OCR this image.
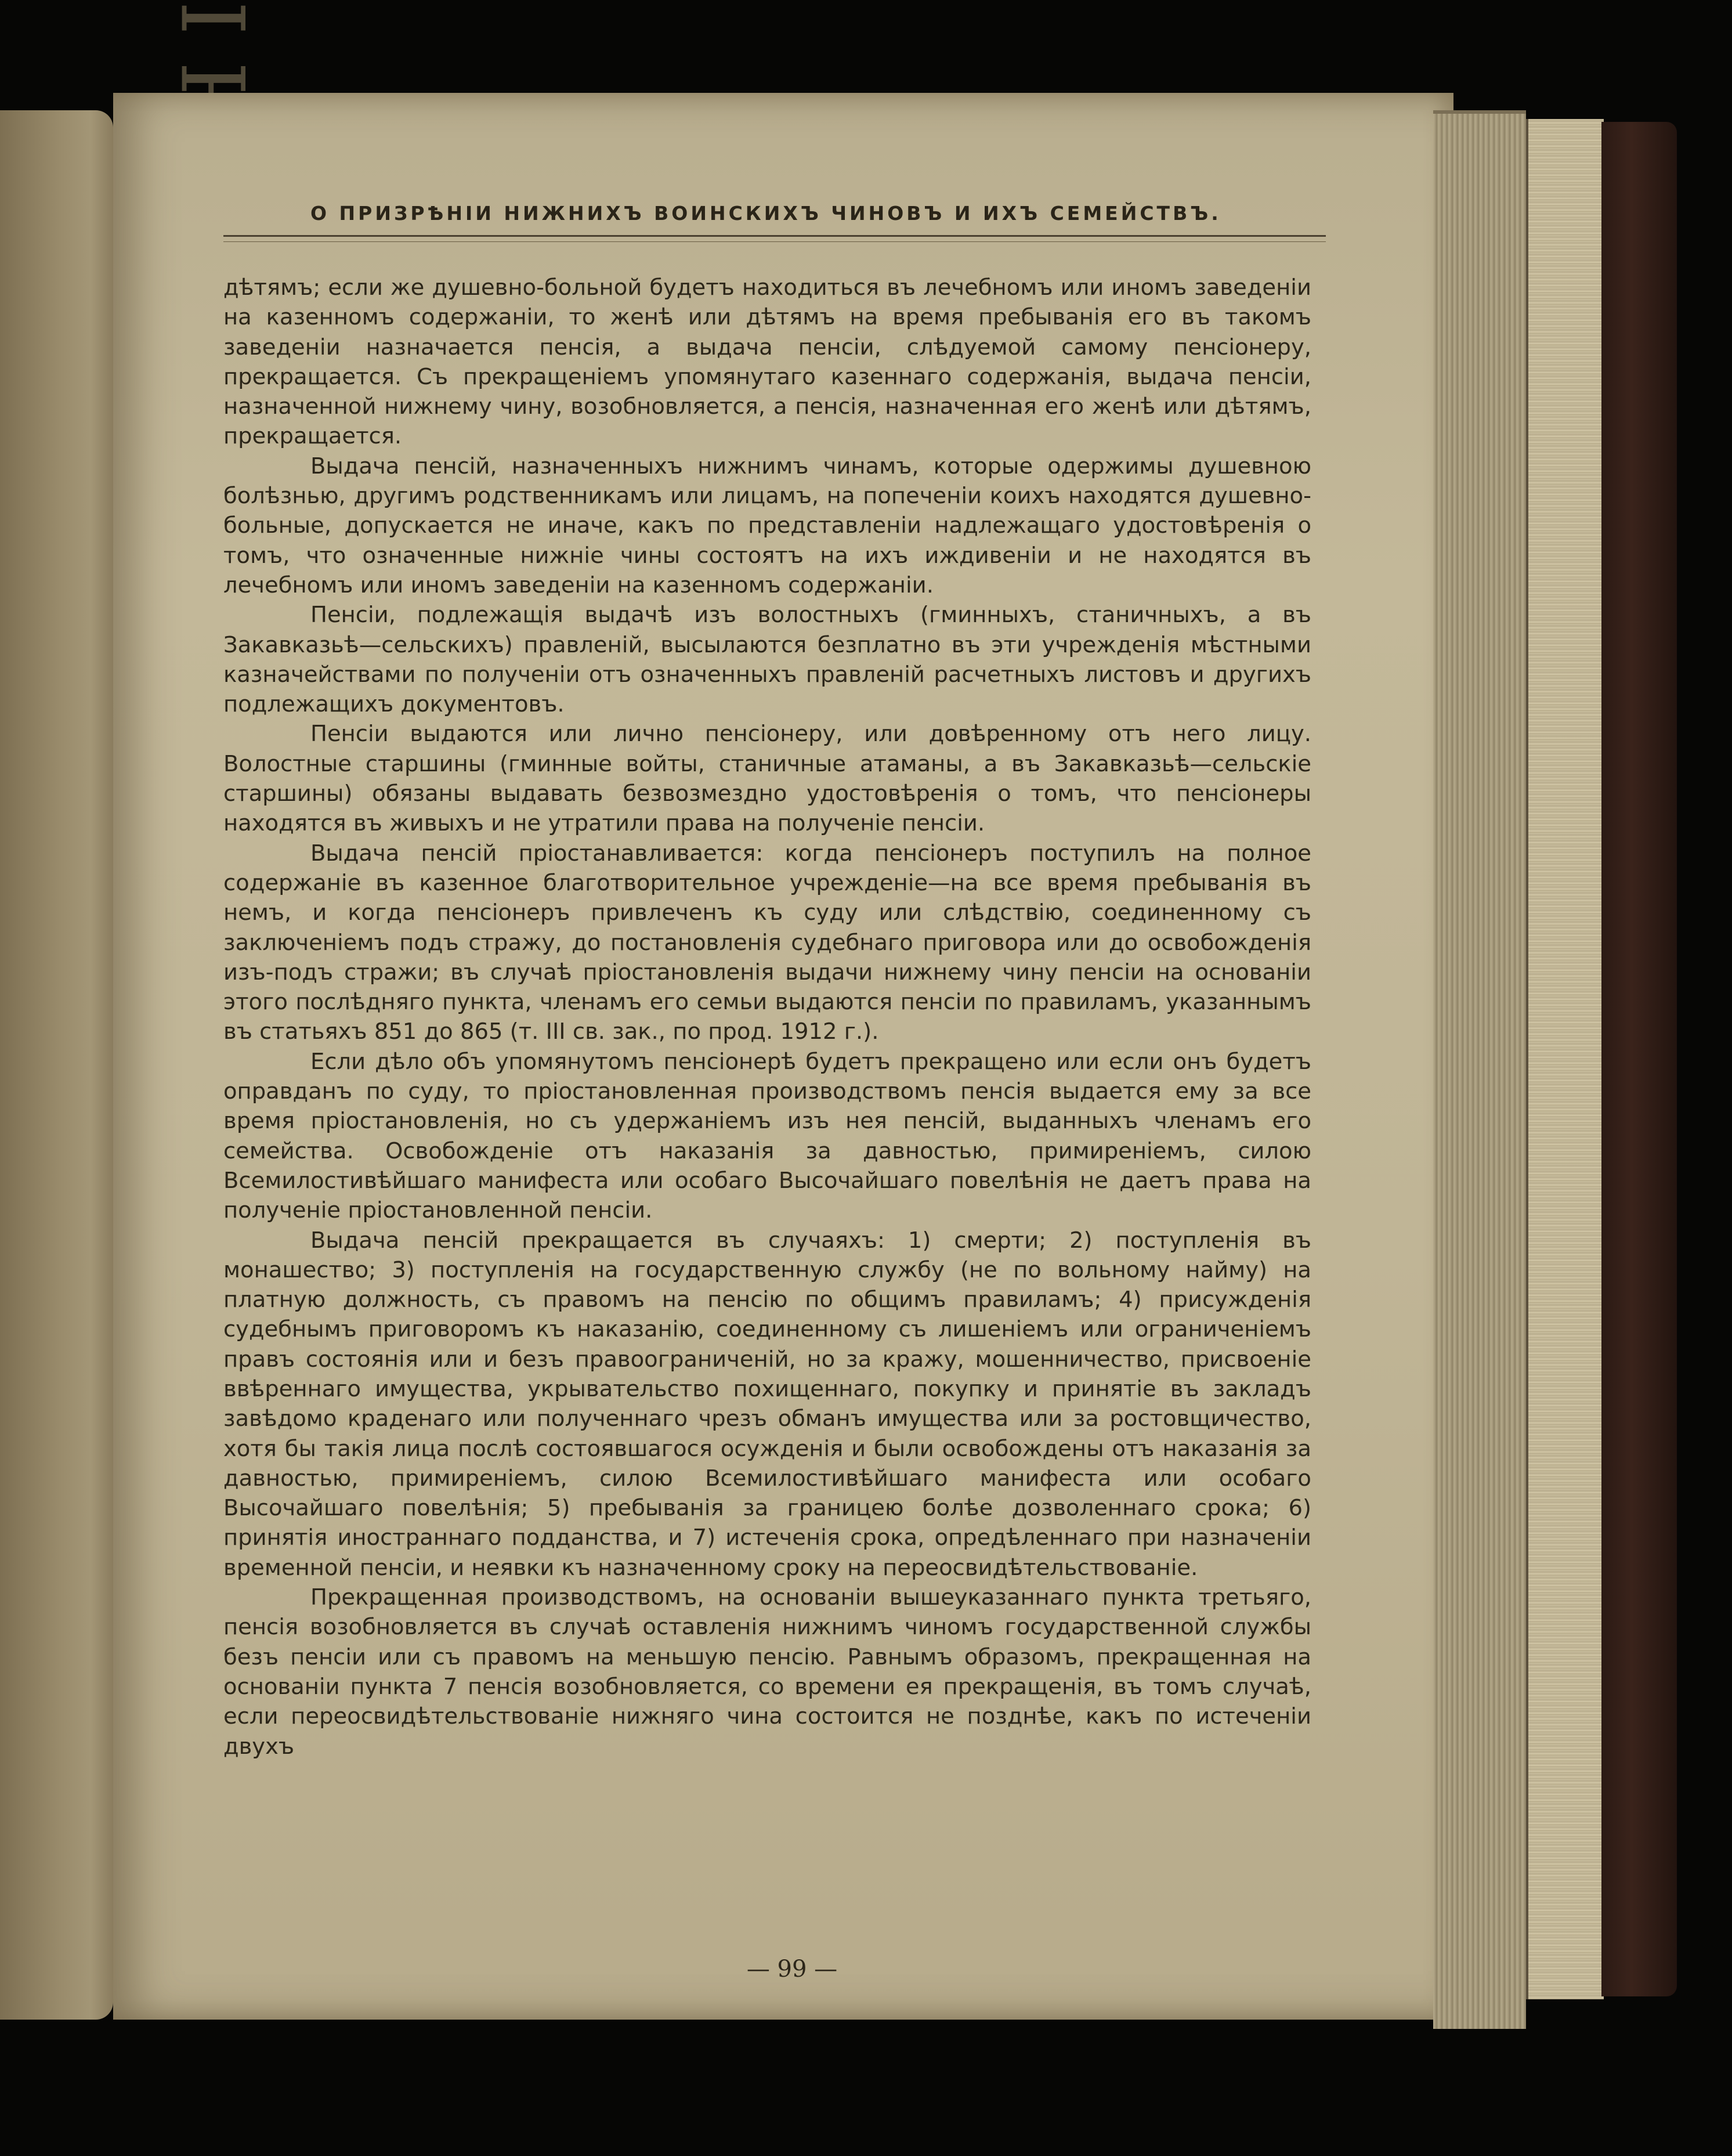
О ПРИЗРѢНІИ НИЖНИХЪ ВОИНСКИХЪ ЧИНОВЪ И ИХЪ СЕМЕЙСТВЪ.

дѣтямъ; если же душевно-больной будетъ находиться въ лечебномъ или иномъ заведеніи на казенномъ содержаніи, то женѣ или дѣтямъ на время пребыванія его въ такомъ заведеніи назначается пенсія, а выдача пенсіи, слѣдуемой самому пенсіонеру, прекращается. Съ прекращеніемъ упомянутаго казеннаго содержанія, выдача пенсіи, назначенной нижнему чину, возобновляется, а пенсія, назначенная его женѣ или дѣтямъ, прекращается.

Выдача пенсій, назначенныхъ нижнимъ чинамъ, которые одержимы душевною болѣзнью, другимъ родственникамъ или лицамъ, на попеченіи коихъ находятся душевно-больные, допускается не иначе, какъ по представленіи надлежащаго удостовѣренія о томъ, что означенные нижніе чины состоятъ на ихъ иждивеніи и не находятся въ лечебномъ или иномъ заведеніи на казенномъ содержаніи.

Пенсіи, подлежащія выдачѣ изъ волостныхъ (гминныхъ, станичныхъ, а въ Закавказьѣ—сельскихъ) правленій, высылаются безплатно въ эти учрежденія мѣстными казначействами по полученіи отъ означенныхъ правленій расчетныхъ листовъ и другихъ подлежащихъ документовъ.

Пенсіи выдаются или лично пенсіонеру, или довѣренному отъ него лицу. Волостные старшины (гминные войты, станичные атаманы, а въ Закавказьѣ—сельскіе старшины) обязаны выдавать безвозмездно удостовѣренія о томъ, что пенсіонеры находятся въ живыхъ и не утратили права на полученіе пенсіи.

Выдача пенсій пріостанавливается: когда пенсіонеръ поступилъ на полное содержаніе въ казенное благотворительное учрежденіе—на все время пребыванія въ немъ, и когда пенсіонеръ привлеченъ къ суду или слѣдствію, соединенному съ заключеніемъ подъ стражу, до постановленія судебнаго приговора или до освобожденія изъ-подъ стражи; въ случаѣ пріостановленія выдачи нижнему чину пенсіи на основаніи этого послѣдняго пункта, членамъ его семьи выдаются пенсіи по правиламъ, указаннымъ въ статьяхъ 851 до 865 (т. III св. зак., по прод. 1912 г.).

Если дѣло объ упомянутомъ пенсіонерѣ будетъ прекращено или если онъ будетъ оправданъ по суду, то пріостановленная производствомъ пенсія выдается ему за все время пріостановленія, но съ удержаніемъ изъ нея пенсій, выданныхъ членамъ его семейства. Освобожденіе отъ наказанія за давностью, примиреніемъ, силою Всемилостивѣйшаго манифеста или особаго Высочайшаго повелѣнія не даетъ права на полученіе пріостановленной пенсіи.

Выдача пенсій прекращается въ случаяхъ: 1) смерти; 2) поступленія въ монашество; 3) поступленія на государственную службу (не по вольному найму) на платную должность, съ правомъ на пенсію по общимъ правиламъ; 4) присужденія судебнымъ приговоромъ къ наказанію, соединенному съ лишеніемъ или ограниченіемъ правъ состоянія или и безъ правоограниченій, но за кражу, мошенничество, присвоеніе ввѣреннаго имущества, укрывательство похищеннаго, покупку и принятіе въ закладъ завѣдомо краденаго или полученнаго чрезъ обманъ имущества или за ростовщичество, хотя бы такія лица послѣ состоявшагося осужденія и были освобождены отъ наказанія за давностью, примиреніемъ, силою Всемилостивѣйшаго манифеста или особаго Высочайшаго повелѣнія; 5) пребыванія за границею болѣе дозволеннаго срока; 6) принятія иностраннаго подданства, и 7) истеченія срока, опредѣленнаго при назначеніи временной пенсіи, и неявки къ назначенному сроку на переосвидѣтельствованіе.

Прекращенная производствомъ, на основаніи вышеуказаннаго пункта третьяго, пенсія возобновляется въ случаѣ оставленія нижнимъ чиномъ государственной службы безъ пенсіи или съ правомъ на меньшую пенсію. Равнымъ образомъ, прекращенная на основаніи пункта 7 пенсія возобновляется, со времени ея прекращенія, въ томъ случаѣ, если переосвидѣтельствованіе нижняго чина состоится не позднѣе, какъ по истеченіи двухъ

— 99 —
